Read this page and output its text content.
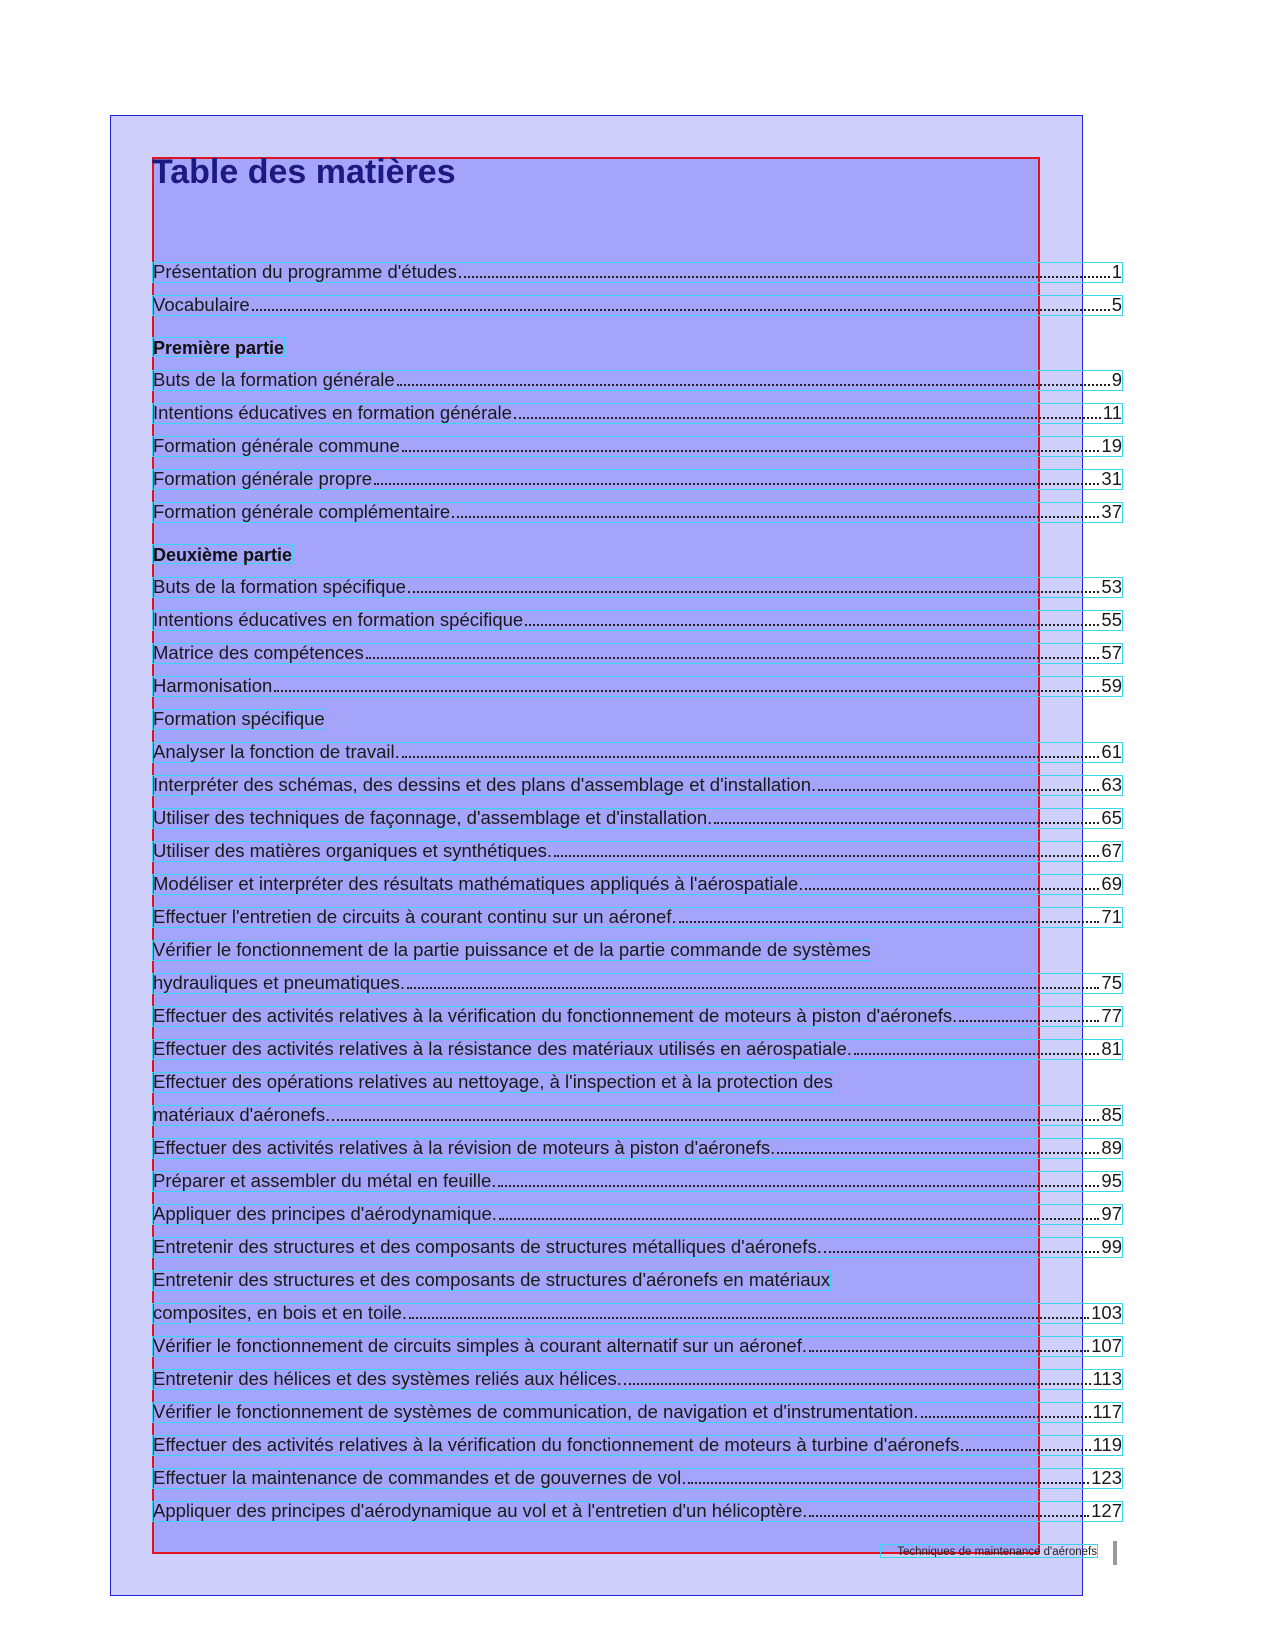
Table des matières
Présentation du programme d'études	1
Vocabulaire	5
Première partie
Buts de la formation générale	9
Intentions éducatives en formation générale	11
Formation générale commune	19
Formation générale propre	31
Formation générale complémentaire	37
Deuxième partie
Buts de la formation spécifique	53
Intentions éducatives en formation spécifique	55
Matrice des compétences	57
Harmonisation	59
Formation spécifique
Analyser la fonction de travail.	61
Interpréter des schémas, des dessins et des plans d'assemblage et d'installation.	63
Utiliser des techniques de façonnage, d'assemblage et d'installation.	65
Utiliser des matières organiques et synthétiques.	67
Modéliser et interpréter des résultats mathématiques appliqués à l'aérospatiale.	69
Effectuer l'entretien de circuits à courant continu sur un aéronef.	71
Vérifier le fonctionnement de la partie puissance et de la partie commande de systèmes
hydrauliques et pneumatiques.	75
Effectuer des activités relatives à la vérification du fonctionnement de moteurs à piston d'aéronefs.	77
Effectuer des activités relatives à la résistance des matériaux utilisés en aérospatiale.	81
Effectuer des opérations relatives au nettoyage, à l'inspection et à la protection des
matériaux d'aéronefs.	85
Effectuer des activités relatives à la révision de moteurs à piston d'aéronefs.	89
Préparer et assembler du métal en feuille.	95
Appliquer des principes d'aérodynamique.	97
Entretenir des structures et des composants de structures métalliques d'aéronefs.	99
Entretenir des structures et des composants de structures d'aéronefs en matériaux
composites, en bois et en toile.	103
Vérifier le fonctionnement de circuits simples à courant alternatif sur un aéronef.	107
Entretenir des hélices et des systèmes reliés aux hélices.	113
Vérifier le fonctionnement de systèmes de communication, de navigation et d'instrumentation.	117
Effectuer des activités relatives à la vérification du fonctionnement de moteurs à turbine d'aéronefs.	119
Effectuer la maintenance de commandes et de gouvernes de vol.	123
Appliquer des principes d'aérodynamique au vol et à l'entretien d'un hélicoptère.	127
Techniques de maintenance d'aéronefs
